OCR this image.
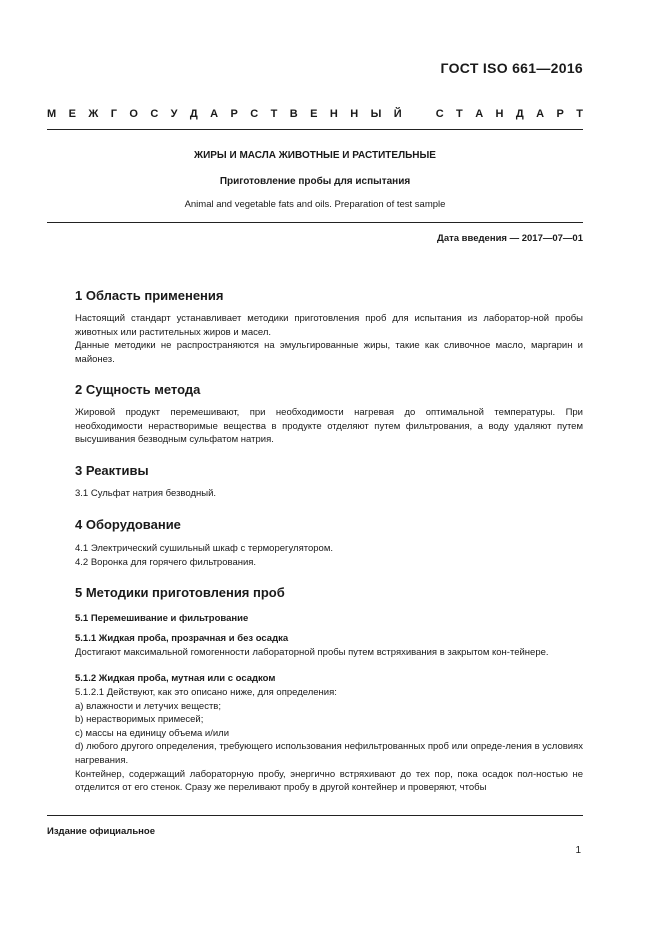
ГОСТ ISO 661—2016
М Е Ж Г О С У Д А Р С Т В Е Н Н Ы Й
	С Т А Н Д А Р Т
ЖИРЫ И МАСЛА ЖИВОТНЫЕ И РАСТИТЕЛЬНЫЕ
Приготовление пробы для испытания
Animal and vegetable fats and oils. Preparation of test sample
Дата введения — 2017—07—01
1 Область применения

Настоящий стандарт устанавливает методики приготовления проб для испытания из лаборатор-ной пробы животных или растительных жиров и масел.

Данные методики не распространяются на эмульгированные жиры, такие как сливочное масло, маргарин и майонез.

2 Сущность метода

Жировой продукт перемешивают, при необходимости нагревая до оптимальной температуры. При необходимости нерастворимые вещества в продукте отделяют путем фильтрования, а воду удаляют путем высушивания безводным сульфатом натрия.

3 Реактивы

3.1 Сульфат натрия безводный.

4 Оборудование

4.1 Электрический сушильный шкаф с терморегулятором.

4.2 Воронка для горячего фильтрования.

5 Методики приготовления проб
5.1 Перемешивание и фильтрование
5.1.1 Жидкая проба, прозрачная и без осадка

Достигают максимальной гомогенности лабораторной пробы путем встряхивания в закрытом кон-тейнере.

5.1.2 Жидкая проба, мутная или с осадком

5.1.2.1 Действуют, как это описано ниже, для определения:

a) влажности и летучих веществ;

b) нерастворимых примесей;

c) массы на единицу объема и/или

d) любого другого определения, требующего использования нефильтрованных проб или опреде-ления в условиях нагревания.

Контейнер, содержащий лабораторную пробу, энергично встряхивают до тех пор, пока осадок пол-ностью не отделится от его стенок. Сразу же переливают пробу в другой контейнер и проверяют, чтобы

Издание официальное
1
